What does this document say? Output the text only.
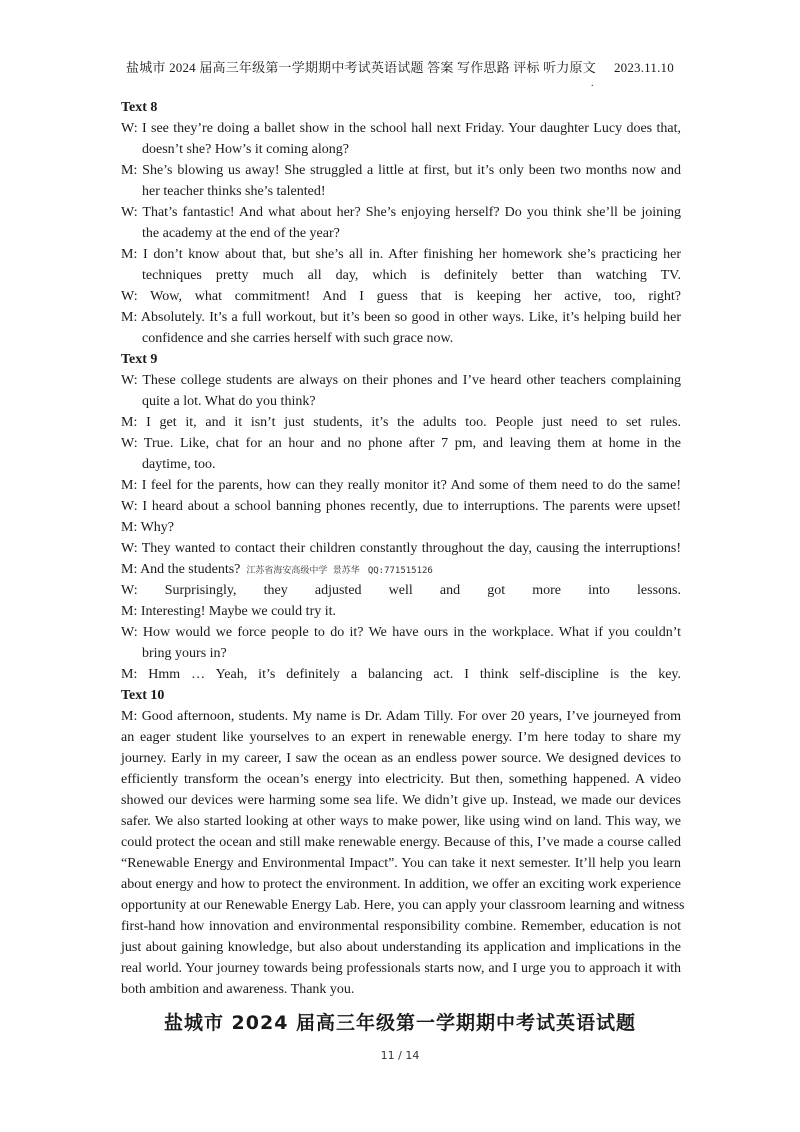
盐城市 2024 届高三年级第一学期期中考试英语试题 答案 写作思路 评标 听力原文 2023.11.10
.
Text 8
W: I see they’re doing a ballet show in the school hall next Friday. Your daughter Lucy does that,
doesn’t she? How’s it coming along?
M: She’s blowing us away! She struggled a little at first, but it’s only been two months now and
her teacher thinks she’s talented!
W: That’s fantastic! And what about her? She’s enjoying herself? Do you think she’ll be joining
the academy at the end of the year?
M: I don’t know about that, but she’s all in. After finishing her homework she’s practicing her
techniques pretty much all day, which is definitely better than watching TV.
W: Wow, what commitment! And I guess that is keeping her active, too, right?
M: Absolutely. It’s a full workout, but it’s been so good in other ways. Like, it’s helping build her
confidence and she carries herself with such grace now.
Text 9
W: These college students are always on their phones and I’ve heard other teachers complaining
quite a lot. What do you think?
M: I get it, and it isn’t just students, it’s the adults too. People just need to set rules.
W: True. Like, chat for an hour and no phone after 7 pm, and leaving them at home in the
daytime, too.
M: I feel for the parents, how can they really monitor it? And some of them need to do the same!
W: I heard about a school banning phones recently, due to interruptions. The parents were upset!
M: Why?
W: They wanted to contact their children constantly throughout the day, causing the interruptions!
M: And the students? 江苏省海安高级中学 景苏华 QQ:771515126
W: Surprisingly, they adjusted well and got more into lessons.
M: Interesting! Maybe we could try it.
W: How would we force people to do it? We have ours in the workplace. What if you couldn’t
bring yours in?
M: Hmm … Yeah, it’s definitely a balancing act. I think self-discipline is the key.
Text 10
M: Good afternoon, students. My name is Dr. Adam Tilly. For over 20 years, I’ve journeyed from
an eager student like yourselves to an expert in renewable energy. I’m here today to share my
journey. Early in my career, I saw the ocean as an endless power source. We designed devices to
efficiently transform the ocean’s energy into electricity. But then, something happened. A video
showed our devices were harming some sea life. We didn’t give up. Instead, we made our devices
safer. We also started looking at other ways to make power, like using wind on land. This way, we
could protect the ocean and still make renewable energy. Because of this, I’ve made a course called
“Renewable Energy and Environmental Impact”. You can take it next semester. It’ll help you learn
about energy and how to protect the environment. In addition, we offer an exciting work experience
opportunity at our Renewable Energy Lab. Here, you can apply your classroom learning and witness
first-hand how innovation and environmental responsibility combine. Remember, education is not
just about gaining knowledge, but also about understanding its application and implications in the
real world. Your journey towards being professionals starts now, and I urge you to approach it with
both ambition and awareness. Thank you.
盐城市 2024 届高三年级第一学期期中考试英语试题
11 / 14
